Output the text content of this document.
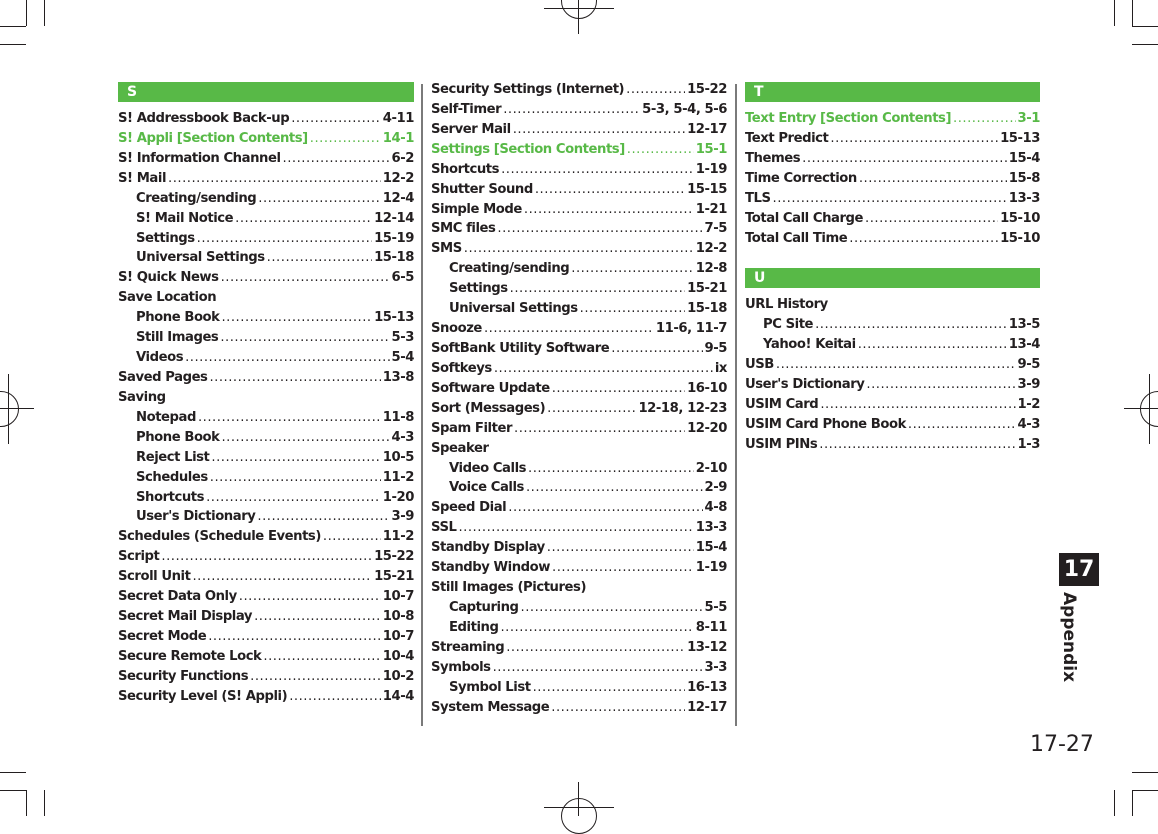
S
S! Addressbook Back-up .....	4-11
S! Appli [Section Contents] .....	14-1
S! Information Channel .....	6-2
S! Mail .....	12-2
Creating/sending .....	12-4
S! Mail Notice .....	12-14
Settings .....	15-19
Universal Settings .....	15-18
S! Quick News .....	6-5
Save Location
Phone Book .....	15-13
Still Images .....	5-3
Videos .....	5-4
Saved Pages .....	13-8
Saving
Notepad .....	11-8
Phone Book .....	4-3
Reject List .....	10-5
Schedules .....	11-2
Shortcuts .....	1-20
User's Dictionary .....	3-9
Schedules (Schedule Events) .....	11-2
Script .....	15-22
Scroll Unit .....	15-21
Secret Data Only .....	10-7
Secret Mail Display .....	10-8
Secret Mode .....	10-7
Secure Remote Lock .....	10-4
Security Functions .....	10-2
Security Level (S! Appli) .....	14-4
Security Settings (Internet) .....	15-22
Self-Timer .....	5-3, 5-4, 5-6
Server Mail .....	12-17
Settings [Section Contents] .....	15-1
Shortcuts .....	1-19
Shutter Sound .....	15-15
Simple Mode .....	1-21
SMC files .....	7-5
SMS .....	12-2
Creating/sending .....	12-8
Settings .....	15-21
Universal Settings .....	15-18
Snooze .....	11-6, 11-7
SoftBank Utility Software .....	9-5
Softkeys .....	ix
Software Update .....	16-10
Sort (Messages) .....	12-18, 12-23
Spam Filter .....	12-20
Speaker
Video Calls .....	2-10
Voice Calls .....	2-9
Speed Dial .....	4-8
SSL .....	13-3
Standby Display .....	15-4
Standby Window .....	1-19
Still Images (Pictures)
Capturing .....	5-5
Editing .....	8-11
Streaming .....	13-12
Symbols .....	3-3
Symbol List .....	16-13
System Message .....	12-17
T
Text Entry [Section Contents] .....	3-1
Text Predict .....	15-13
Themes .....	15-4
Time Correction .....	15-8
TLS .....	13-3
Total Call Charge .....	15-10
Total Call Time .....	15-10
U
URL History
PC Site .....	13-5
Yahoo! Keitai .....	13-4
USB .....	9-5
User's Dictionary .....	3-9
USIM Card .....	1-2
USIM Card Phone Book .....	4-3
USIM PINs .....	1-3
17
Appendix
17-27
